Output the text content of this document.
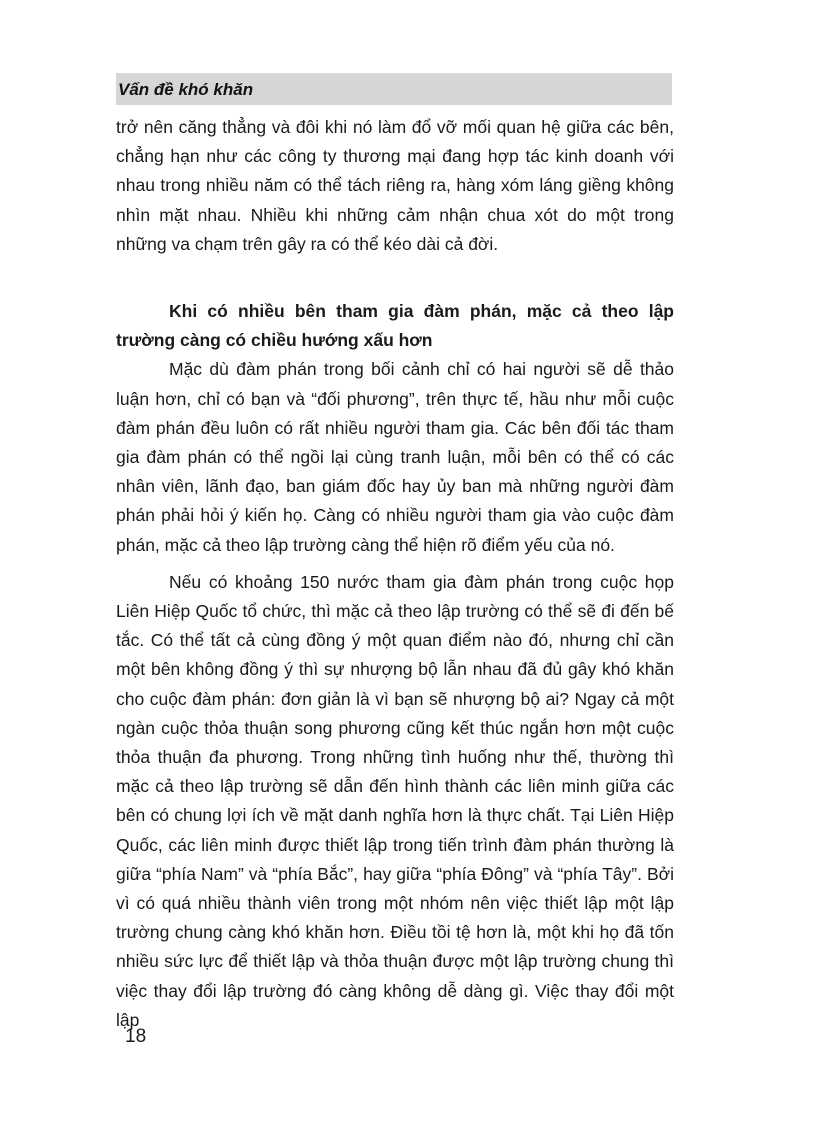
Vấn đề khó khăn

trở nên căng thẳng và đôi khi nó làm đổ vỡ mối quan hệ giữa các bên, chẳng hạn như các công ty thương mại đang hợp tác kinh doanh với nhau trong nhiều năm có thể tách riêng ra, hàng xóm láng giềng không nhìn mặt nhau. Nhiều khi những cảm nhận chua xót do một trong những va chạm trên gây ra có thể kéo dài cả đời.

Khi có nhiều bên tham gia đàm phán, mặc cả theo lập trường càng có chiều hướng xấu hơn

Mặc dù đàm phán trong bối cảnh chỉ có hai người sẽ dễ thảo luận hơn, chỉ có bạn và “đối phương”, trên thực tế, hầu như mỗi cuộc đàm phán đều luôn có rất nhiều người tham gia. Các bên đối tác tham gia đàm phán có thể ngồi lại cùng tranh luận, mỗi bên có thể có các nhân viên, lãnh đạo, ban giám đốc hay ủy ban mà những người đàm phán phải hỏi ý kiến họ. Càng có nhiều người tham gia vào cuộc đàm phán, mặc cả theo lập trường càng thể hiện rõ điểm yếu của nó.

Nếu có khoảng 150 nước tham gia đàm phán trong cuộc họp Liên Hiệp Quốc tổ chức, thì mặc cả theo lập trường có thể sẽ đi đến bế tắc. Có thể tất cả cùng đồng ý một quan điểm nào đó, nhưng chỉ cần một bên không đồng ý thì sự nhượng bộ lẫn nhau đã đủ gây khó khăn cho cuộc đàm phán: đơn giản là vì bạn sẽ nhượng bộ ai? Ngay cả một ngàn cuộc thỏa thuận song phương cũng kết thúc ngắn hơn một cuộc thỏa thuận đa phương. Trong những tình huống như thế, thường thì mặc cả theo lập trường sẽ dẫn đến hình thành các liên minh giữa các bên có chung lợi ích về mặt danh nghĩa hơn là thực chất. Tại Liên Hiệp Quốc, các liên minh được thiết lập trong tiến trình đàm phán thường là giữa “phía Nam” và “phía Bắc”, hay giữa “phía Đông” và “phía Tây”. Bởi vì có quá nhiều thành viên trong một nhóm nên việc thiết lập một lập trường chung càng khó khăn hơn. Điều tồi tệ hơn là, một khi họ đã tốn nhiều sức lực để thiết lập và thỏa thuận được một lập trường chung thì việc thay đổi lập trường đó càng không dễ dàng gì. Việc thay đổi một lập

18
